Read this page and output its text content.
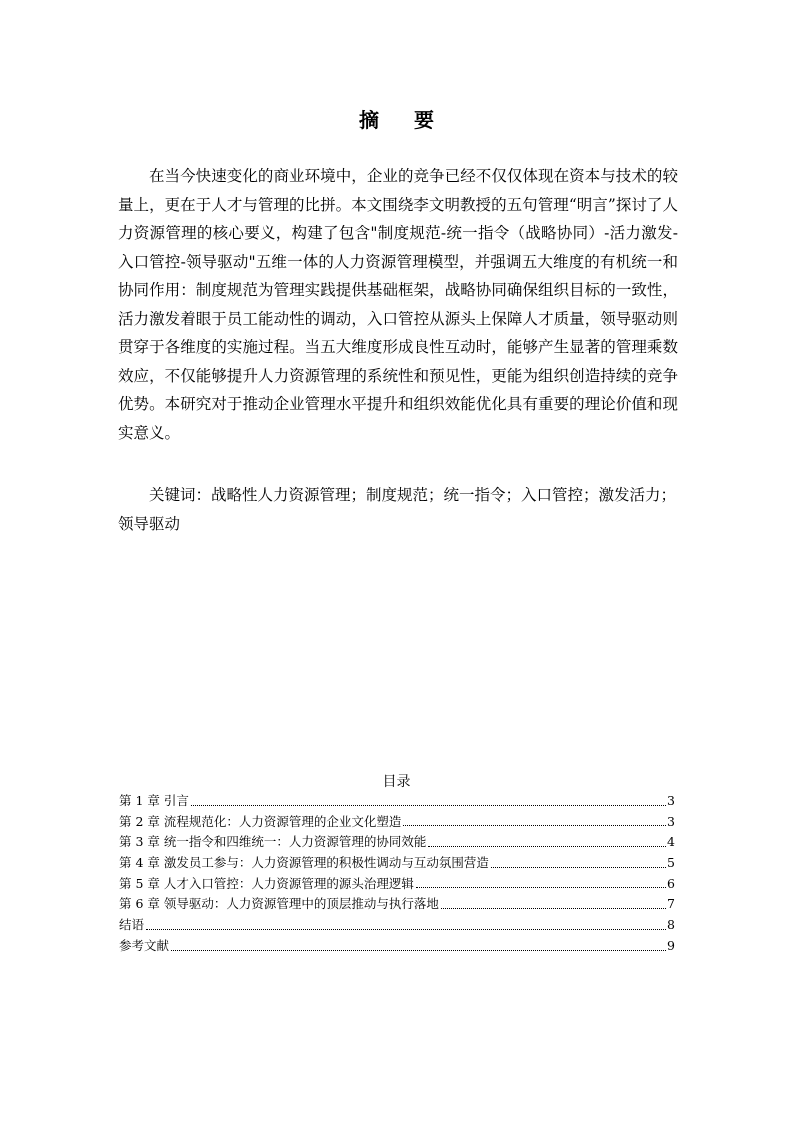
摘 要

在当今快速变化的商业环境中，企业的竞争已经不仅仅体现在资本与技术的较量上，更在于人才与管理的比拼。本文围绕李文明教授的五句管理“明言”探讨了人力资源管理的核心要义，构建了包含"制度规范-统一指令（战略协同）-活力激发-入口管控-领导驱动"五维一体的人力资源管理模型，并强调五大维度的有机统一和协同作用：制度规范为管理实践提供基础框架，战略协同确保组织目标的一致性，活力激发着眼于员工能动性的调动，入口管控从源头上保障人才质量，领导驱动则贯穿于各维度的实施过程。当五大维度形成良性互动时，能够产生显著的管理乘数效应，不仅能够提升人力资源管理的系统性和预见性，更能为组织创造持续的竞争优势。本研究对于推动企业管理水平提升和组织效能优化具有重要的理论价值和现实意义。

关键词：战略性人力资源管理；制度规范；统一指令；入口管控；激发活力；领导驱动

目录
第 1 章 引言	3
第 2 章 流程规范化：人力资源管理的企业文化塑造	3
第 3 章 统一指令和四维统一：人力资源管理的协同效能	4
第 4 章 激发员工参与：人力资源管理的积极性调动与互动氛围营造	5
第 5 章 人才入口管控：人力资源管理的源头治理逻辑	6
第 6 章 领导驱动：人力资源管理中的顶层推动与执行落地	7
结语	8
参考文献	9
